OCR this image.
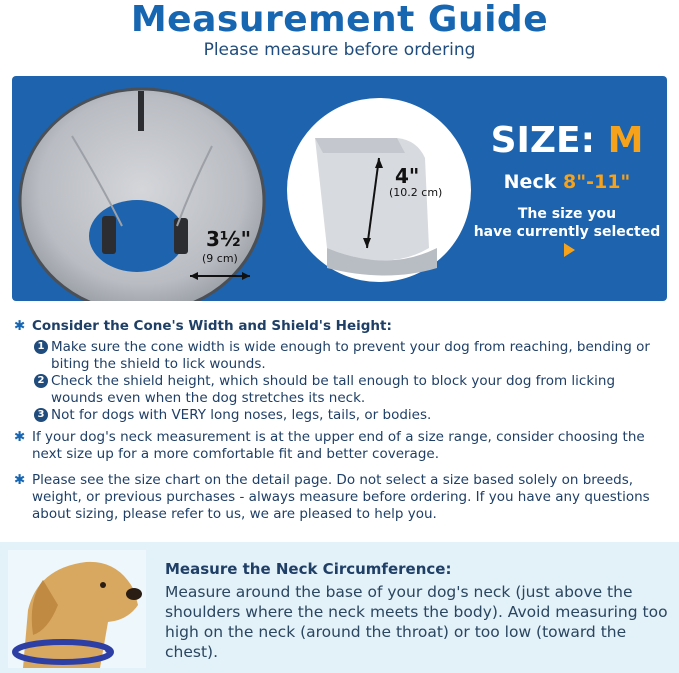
Measurement Guide
Please measure before ordering
3½"
(9 cm)
4"
(10.2 cm)
SIZE: M
Neck 8"-11"
The size you
have currently selected
✱ Consider the Cone's Width and Shield's Height:
1 Make sure the cone width is wide enough to prevent your dog from reaching, bending or biting the shield to lick wounds.
2 Check the shield height, which should be tall enough to block your dog from licking wounds even when the dog stretches its neck.
3 Not for dogs with VERY long noses, legs, tails, or bodies.
✱ If your dog's neck measurement is at the upper end of a size range, consider choosing the next size up for a more comfortable fit and better coverage.
✱ Please see the size chart on the detail page. Do not select a size based solely on breeds, weight, or previous purchases - always measure before ordering. If you have any questions about sizing, please refer to us, we are pleased to help you.
Measure the Neck Circumference:
Measure around the base of your dog's neck (just above the shoulders where the neck meets the body). Avoid measuring too high on the neck (around the throat) or too low (toward the chest).
